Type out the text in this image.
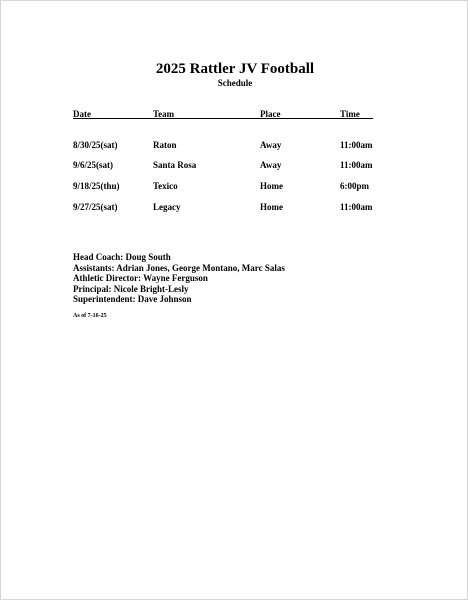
2025 Rattler JV Football
Schedule
Date	Team	Place	Time
8/30/25(sat)	Raton	Away	11:00am
9/6/25(sat)	Santa Rosa	Away	11:00am
9/18/25(thu)	Texico	Home	6:00pm
9/27/25(sat)	Legacy	Home	11:00am
Head Coach: Doug South
Assistants: Adrian Jones, George Montano, Marc Salas
Athletic Director: Wayne Ferguson
Principal: Nicole Bright-Lesly
Superintendent: Dave Johnson
As of 7-16-25
